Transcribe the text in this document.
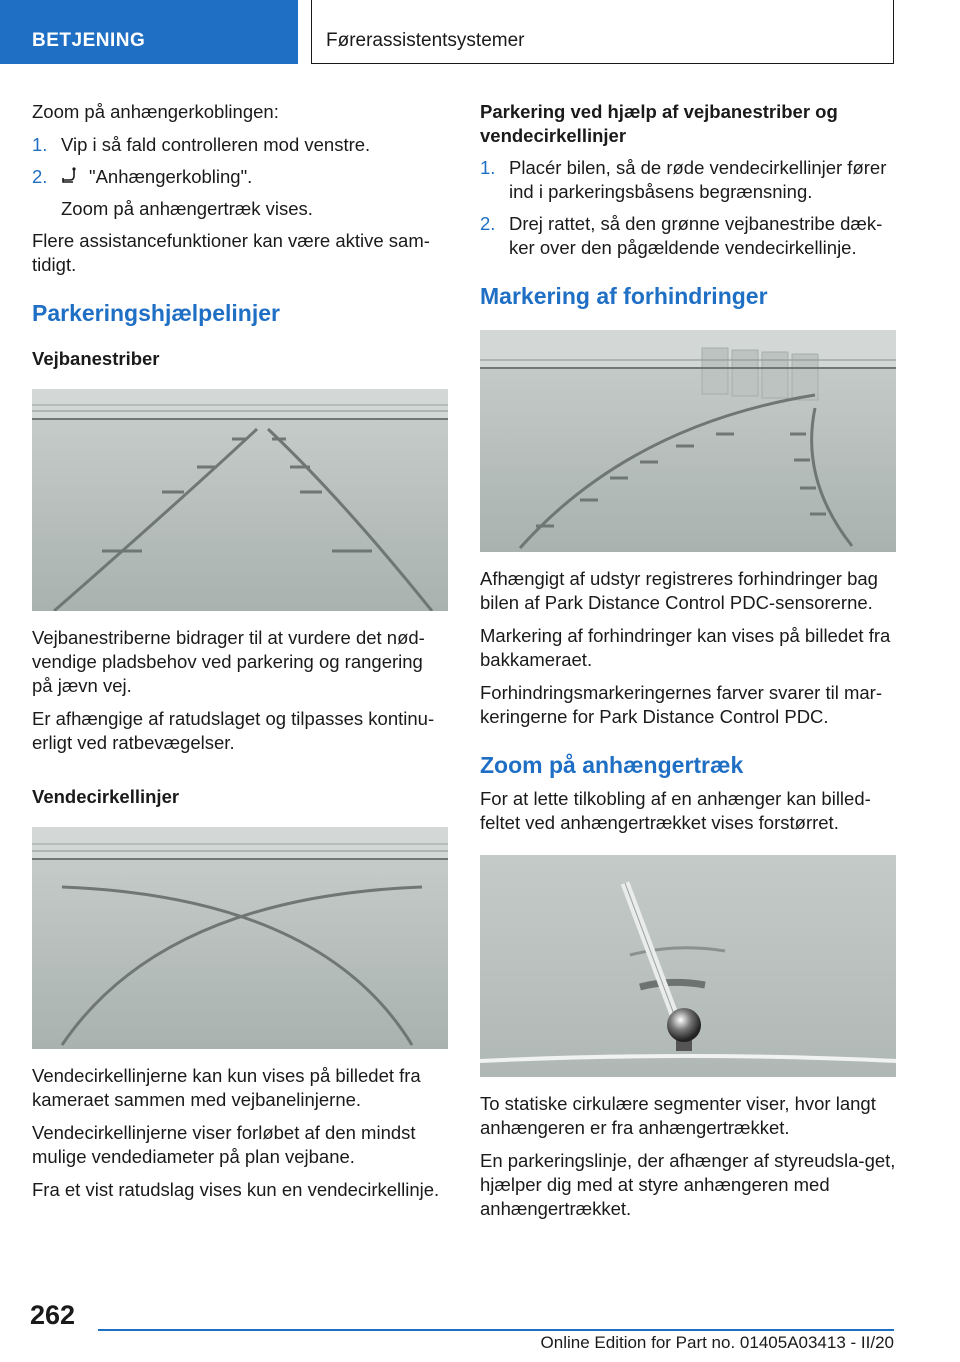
BETJENING	Førerassistentsystemer

Zoom på anhængerkoblingen:

1. Vip i så fald controlleren mod venstre.
2. "Anhængerkobling".
Zoom på anhængertræk vises.

Flere assistancefunktioner kan være aktive sam-tidigt.

Parkeringshjælpelinjer
Vejbanestriber

Vejbanestriberne bidrager til at vurdere det nød-vendige pladsbehov ved parkering og rangering på jævn vej.

Er afhængige af ratudslaget og tilpasses kontinu-erligt ved ratbevægelser.

Vendecirkellinjer

Vendecirkellinjerne kan kun vises på billedet fra kameraet sammen med vejbanelinjerne.

Vendecirkellinjerne viser forløbet af den mindst mulige vendediameter på plan vejbane.

Fra et vist ratudslag vises kun en vendecirkellinje.

Parkering ved hjælp af vejbanestriber og vendecirkellinjer
1. Placér bilen, så de røde vendecirkellinjer fører ind i parkeringsbåsens begrænsning.
2. Drej rattet, så den grønne vejbanestribe dæk-ker over den pågældende vendecirkellinje.
Markering af forhindringer

Afhængigt af udstyr registreres forhindringer bag bilen af Park Distance Control PDC-sensorerne.

Markering af forhindringer kan vises på billedet fra bakkameraet.

Forhindringsmarkeringernes farver svarer til mar-keringerne for Park Distance Control PDC.

Zoom på anhængertræk

For at lette tilkobling af en anhænger kan billed-feltet ved anhængertrækket vises forstørret.

To statiske cirkulære segmenter viser, hvor langt anhængeren er fra anhængertrækket.

En parkeringslinje, der afhænger af styreudsla-get, hjælper dig med at styre anhængeren med anhængertrækket.

262
Online Edition for Part no. 01405A03413 - II/20
